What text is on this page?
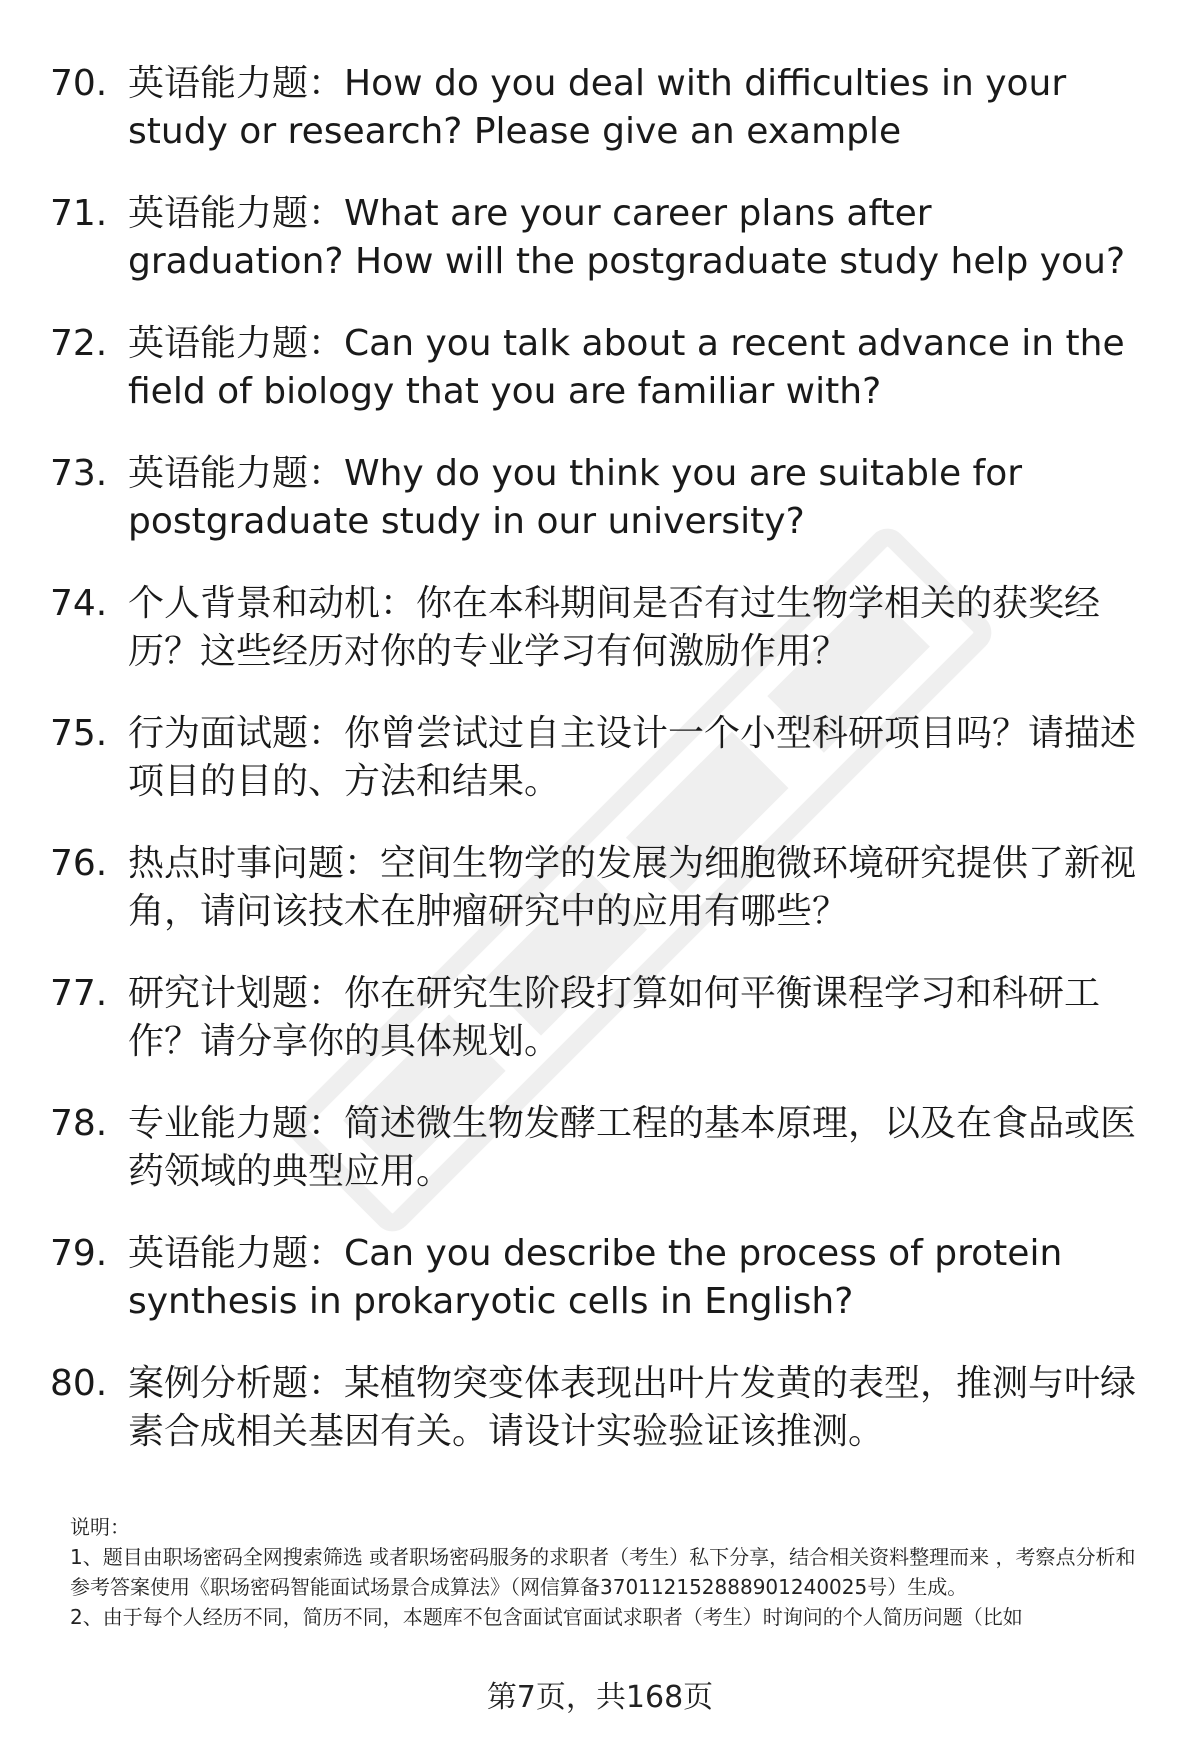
70. 英语能力题：How do you deal with difficulties in your study or research? Please give an example
71. 英语能力题：What are your career plans after graduation? How will the postgraduate study help you?
72. 英语能力题：Can you talk about a recent advance in the field of biology that you are familiar with?
73. 英语能力题：Why do you think you are suitable for postgraduate study in our university?
74. 个人背景和动机：你在本科期间是否有过生物学相关的获奖经历？这些经历对你的专业学习有何激励作用？
75. 行为面试题：你曾尝试过自主设计一个小型科研项目吗？请描述项目的目的、方法和结果。
76. 热点时事问题：空间生物学的发展为细胞微环境研究提供了新视角，请问该技术在肿瘤研究中的应用有哪些？
77. 研究计划题：你在研究生阶段打算如何平衡课程学习和科研工作？请分享你的具体规划。
78. 专业能力题：简述微生物发酵工程的基本原理，以及在食品或医药领域的典型应用。
79. 英语能力题：Can you describe the process of protein synthesis in prokaryotic cells in English?
80. 案例分析题：某植物突变体表现出叶片发黄的表型，推测与叶绿素合成相关基因有关。请设计实验验证该推测。

说明：

1、题目由职场密码全网搜索筛选 或者职场密码服务的求职者（考生）私下分享，结合相关资料整理而来 ，考察点分析和参考答案使用《职场密码智能面试场景合成算法》（网信算备370112152888901240025号）生成。

2、由于每个人经历不同，简历不同，本题库不包含面试官面试求职者（考生）时询问的个人简历问题（比如

第7页，共168页
